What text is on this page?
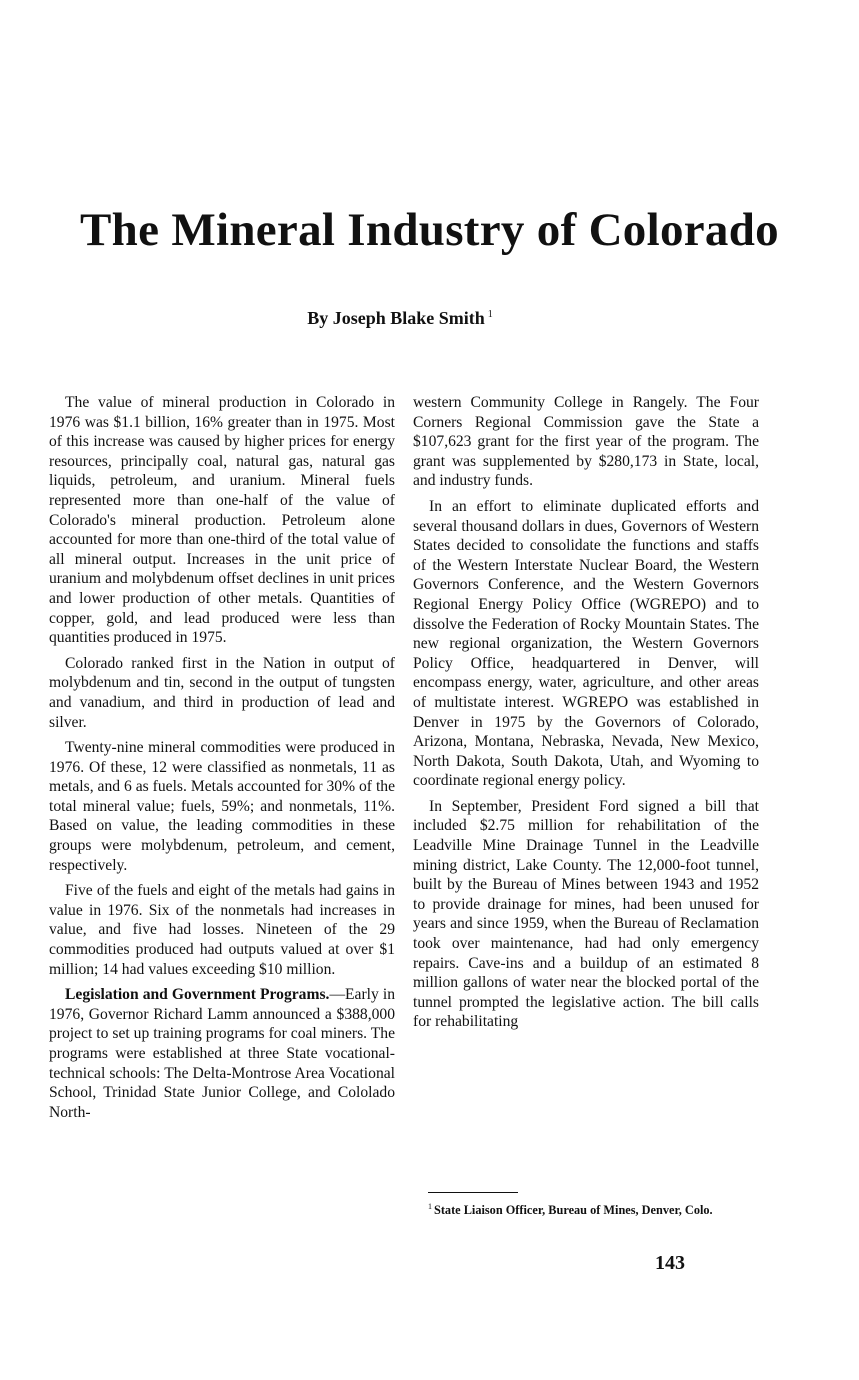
The Mineral Industry of Colorado
By Joseph Blake Smith $^1$

The value of mineral production in Colorado in 1976 was $1.1 billion, 16% greater than in 1975. Most of this increase was caused by higher prices for energy resources, principally coal, natural gas, natural gas liquids, petroleum, and uranium. Mineral fuels represented more than one-half of the value of Colorado's mineral production. Petroleum alone accounted for more than one-third of the total value of all mineral output. Increases in the unit price of uranium and molybdenum offset declines in unit prices and lower production of other metals. Quantities of copper, gold, and lead produced were less than quantities produced in 1975.

Colorado ranked first in the Nation in output of molybdenum and tin, second in the output of tungsten and vanadium, and third in production of lead and silver.

Twenty-nine mineral commodities were produced in 1976. Of these, 12 were classified as nonmetals, 11 as metals, and 6 as fuels. Metals accounted for 30% of the total mineral value; fuels, 59%; and nonmetals, 11%. Based on value, the leading commodities in these groups were molybdenum, petroleum, and cement, respectively.

Five of the fuels and eight of the metals had gains in value in 1976. Six of the nonmetals had increases in value, and five had losses. Nineteen of the 29 commodities produced had outputs valued at over $1 million; 14 had values exceeding $10 million.

Legislation and Government Programs.—Early in 1976, Governor Richard Lamm announced a $388,000 project to set up training programs for coal miners. The programs were established at three State vocational-technical schools: The Delta-Montrose Area Vocational School, Trinidad State Junior College, and Cololado North-

western Community College in Rangely. The Four Corners Regional Commission gave the State a $107,623 grant for the first year of the program. The grant was supplemented by $280,173 in State, local, and industry funds.

In an effort to eliminate duplicated efforts and several thousand dollars in dues, Governors of Western States decided to consolidate the functions and staffs of the Western Interstate Nuclear Board, the Western Governors Conference, and the Western Governors Regional Energy Policy Office (WGREPO) and to dissolve the Federation of Rocky Mountain States. The new regional organization, the Western Governors Policy Office, headquartered in Denver, will encompass energy, water, agriculture, and other areas of multistate interest. WGREPO was established in Denver in 1975 by the Governors of Colorado, Arizona, Montana, Nebraska, Nevada, New Mexico, North Dakota, South Dakota, Utah, and Wyoming to coordinate regional energy policy.

In September, President Ford signed a bill that included $2.75 million for rehabilitation of the Leadville Mine Drainage Tunnel in the Leadville mining district, Lake County. The 12,000-foot tunnel, built by the Bureau of Mines between 1943 and 1952 to provide drainage for mines, had been unused for years and since 1959, when the Bureau of Reclamation took over maintenance, had had only emergency repairs. Cave-ins and a buildup of an estimated 8 million gallons of water near the blocked portal of the tunnel prompted the legislative action. The bill calls for rehabilitating

$^1$ State Liaison Officer, Bureau of Mines, Denver, Colo.
143
